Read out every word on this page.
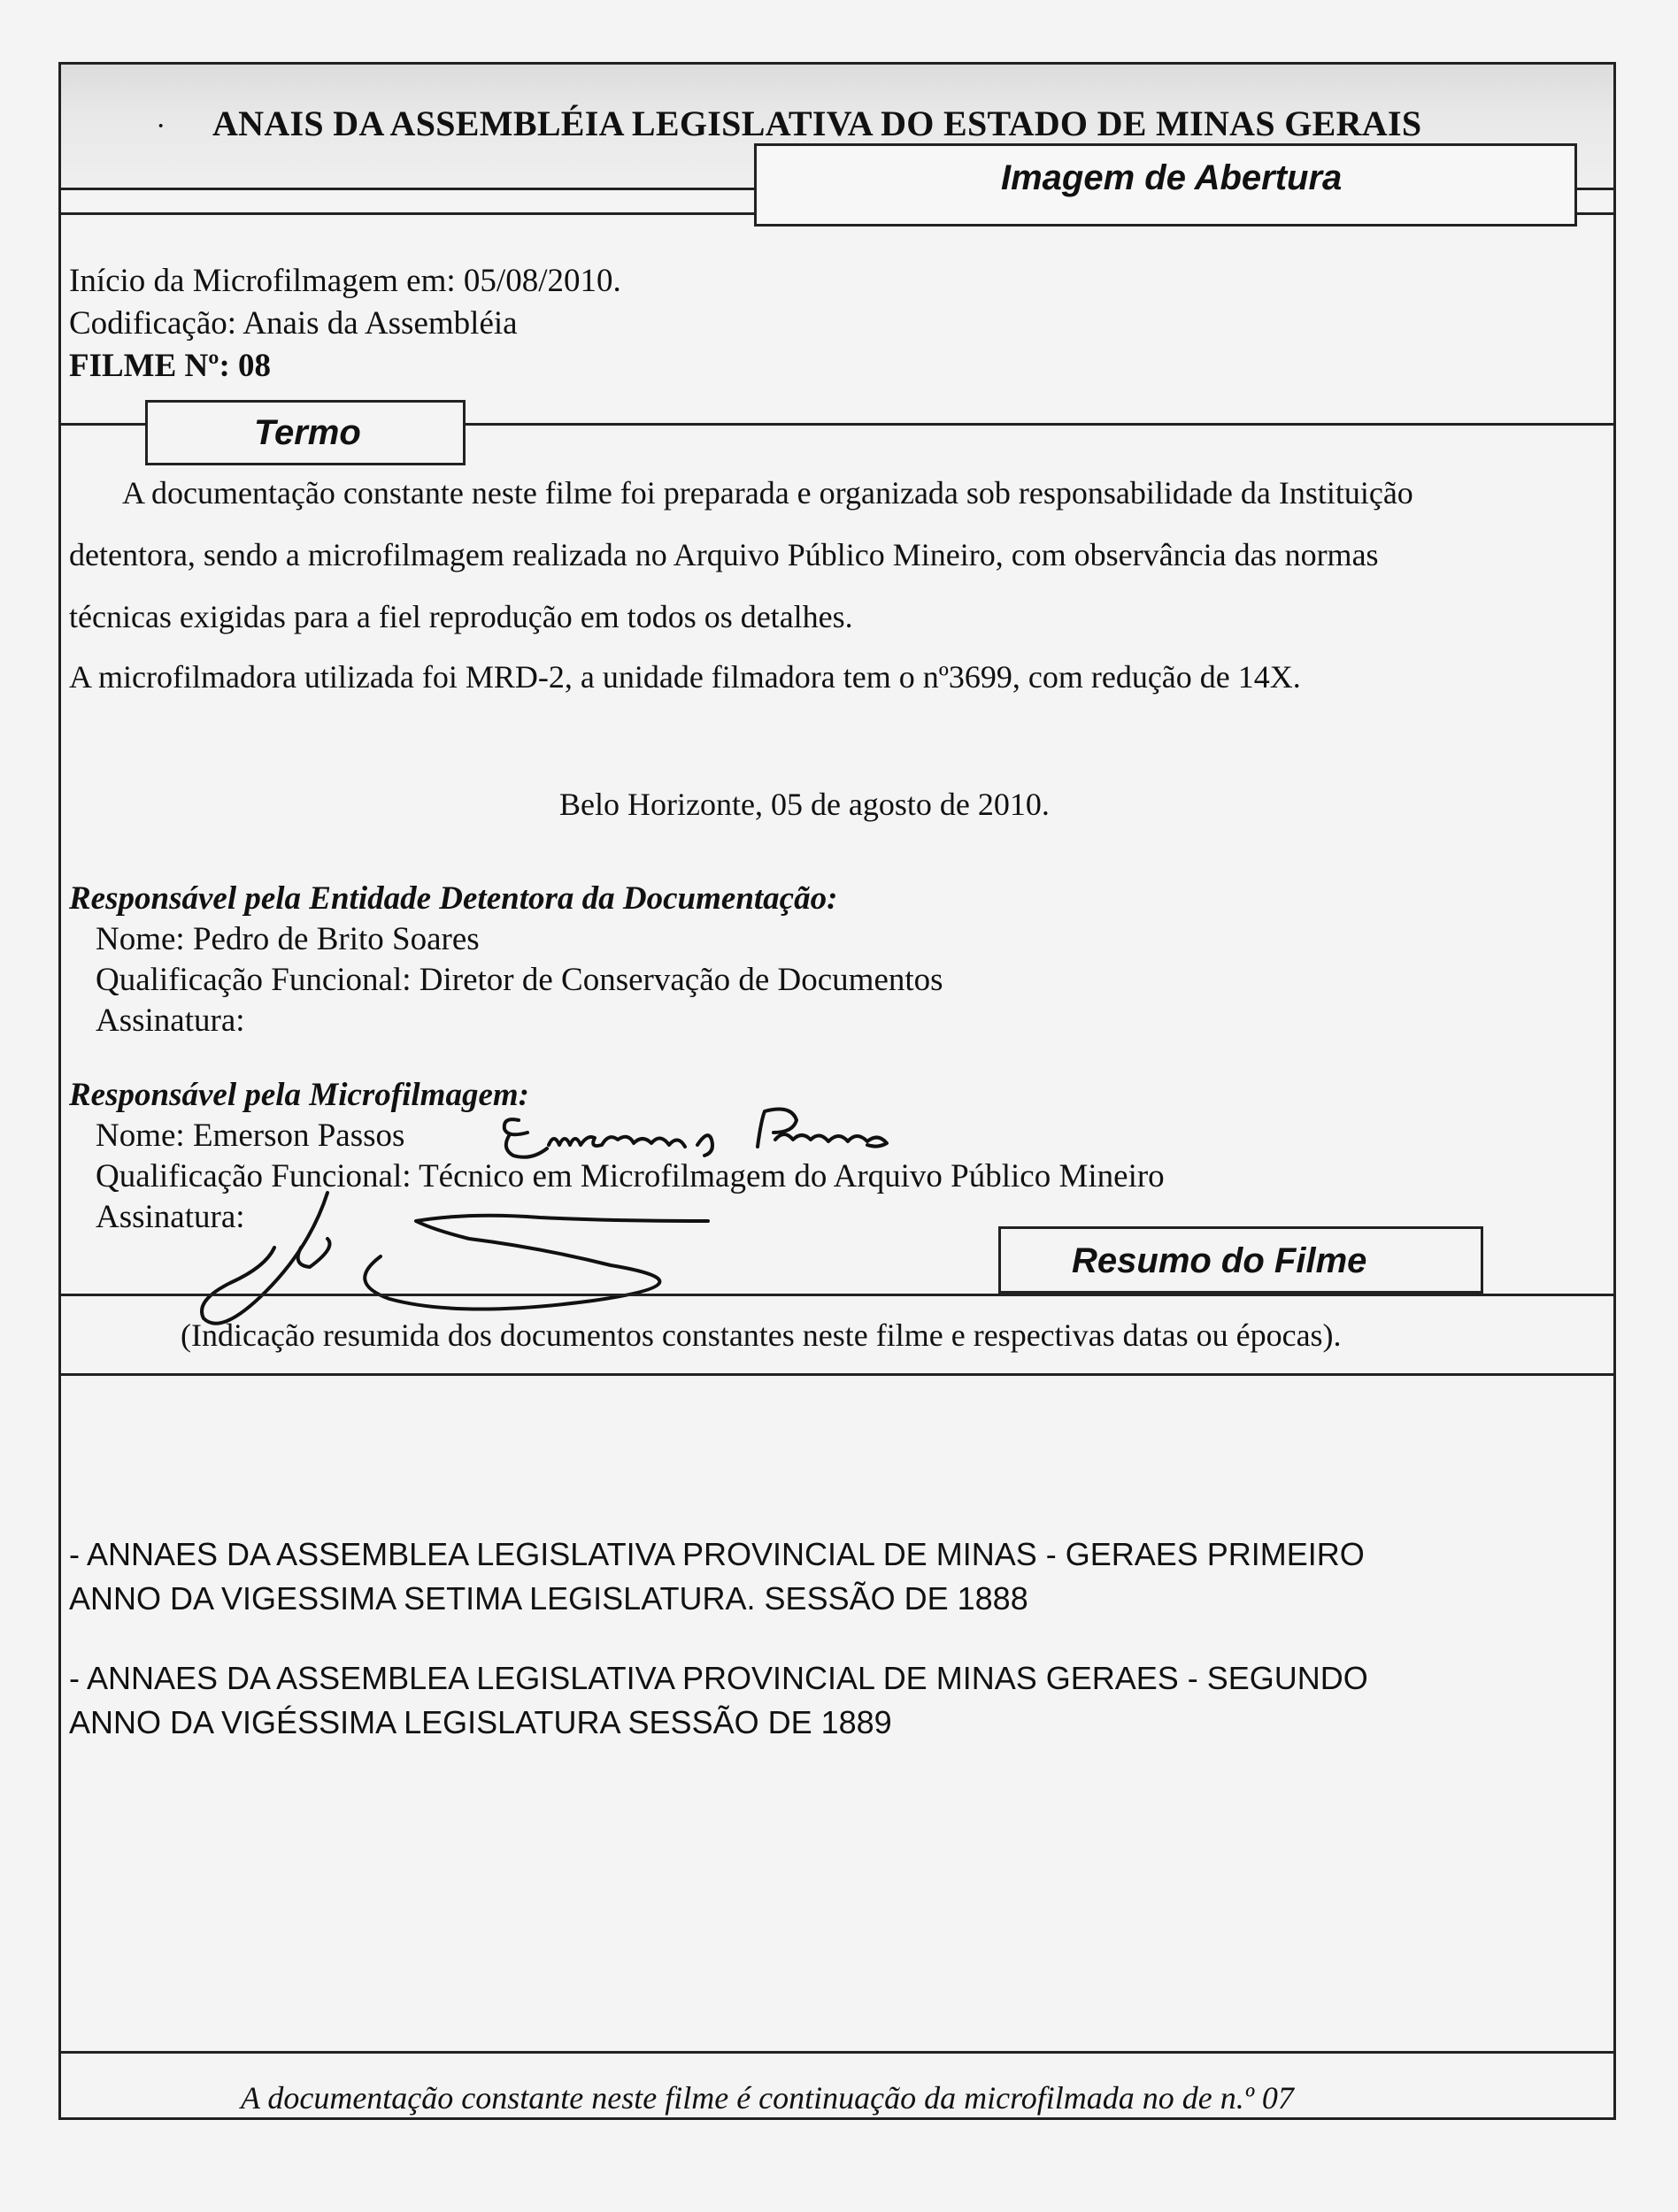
· ANAIS DA ASSEMBLÉIA LEGISLATIVA DO ESTADO DE MINAS GERAIS
Imagem de Abertura
Início da Microfilmagem em: 05/08/2010.
Codificação: Anais da Assembléia
FILME Nº: 08
Termo
A documentação constante neste filme foi preparada e organizada sob responsabilidade da Instituição
detentora, sendo a microfilmagem realizada no Arquivo Público Mineiro, com observância das normas
técnicas exigidas para a fiel reprodução em todos os detalhes.
A microfilmadora utilizada foi MRD-2, a unidade filmadora tem o nº3699, com redução de 14X.
Belo Horizonte, 05 de agosto de 2010.
Responsável pela Entidade Detentora da Documentação:
Nome: Pedro de Brito Soares
Qualificação Funcional: Diretor de Conservação de Documentos
Assinatura:
Responsável pela Microfilmagem:
Nome: Emerson Passos
Qualificação Funcional: Técnico em Microfilmagem do Arquivo Público Mineiro
Assinatura:
Resumo do Filme
(Indicação resumida dos documentos constantes neste filme e respectivas datas ou épocas).
- ANNAES DA ASSEMBLEA LEGISLATIVA PROVINCIAL DE MINAS - GERAES PRIMEIRO
ANNO DA VIGESSIMA SETIMA LEGISLATURA. SESSÃO DE 1888
- ANNAES DA ASSEMBLEA LEGISLATIVA PROVINCIAL DE MINAS GERAES - SEGUNDO
ANNO DA VIGÉSSIMA LEGISLATURA SESSÃO DE 1889
A documentação constante neste filme é continuação da microfilmada no de n.º 07
